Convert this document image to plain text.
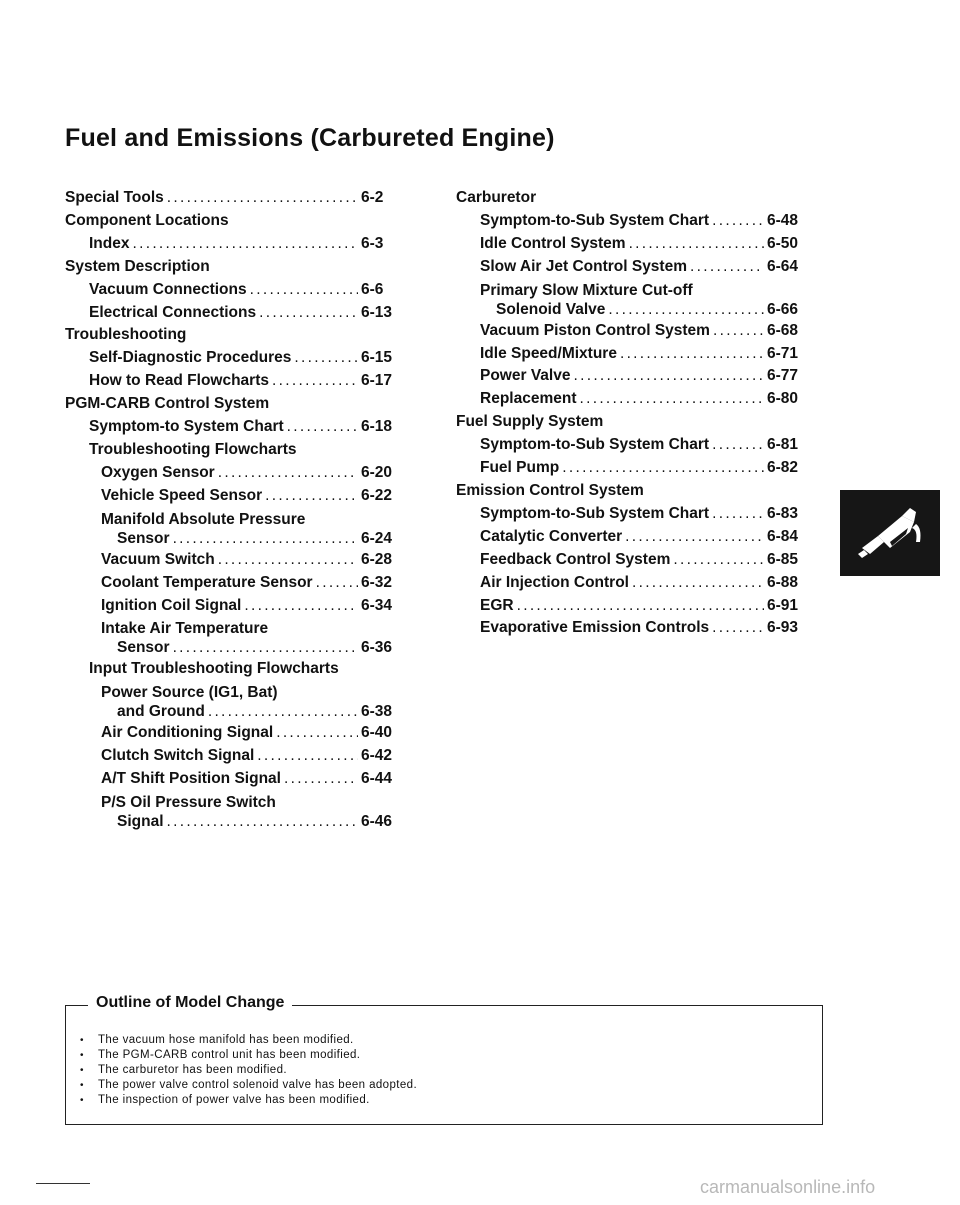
Fuel and Emissions (Carbureted Engine)
Special Tools . . .	6-2
Component Locations
Index . . .	6-3
System Description
Vacuum Connections . . .	6-6
Electrical Connections . . .	6-13
Troubleshooting
Self-Diagnostic Procedures . . .	6-15
How to Read Flowcharts . . .	6-17
PGM-CARB Control System
Symptom-to System Chart . . .	6-18
Troubleshooting Flowcharts
Oxygen Sensor . . .	6-20
Vehicle Speed Sensor . . .	6-22
Manifold Absolute Pressure
Sensor . . .	6-24
Vacuum Switch . . .	6-28
Coolant Temperature Sensor . . .	6-32
Ignition Coil Signal . . .	6-34
Intake Air Temperature
Sensor . . .	6-36
Input Troubleshooting Flowcharts
Power Source (IG1, Bat)
and Ground . . .	6-38
Air Conditioning Signal . . .	6-40
Clutch Switch Signal . . .	6-42
A/T Shift Position Signal . . .	6-44
P/S Oil Pressure Switch
Signal . . .	6-46
Carburetor
Symptom-to-Sub System Chart . . .	6-48
Idle Control System . . .	6-50
Slow Air Jet Control System . . .	6-64
Primary Slow Mixture Cut-off
Solenoid Valve . . .	6-66
Vacuum Piston Control System . . .	6-68
Idle Speed/Mixture . . .	6-71
Power Valve . . .	6-77
Replacement . . .	6-80
Fuel Supply System
Symptom-to-Sub System Chart . . .	6-81
Fuel Pump . . .	6-82
Emission Control System
Symptom-to-Sub System Chart . . .	6-83
Catalytic Converter . . .	6-84
Feedback Control System . . .	6-85
Air Injection Control . . .	6-88
EGR . . .	6-91
Evaporative Emission Controls . . .	6-93
Outline of Model Change
• The vacuum hose manifold has been modified.
• The PGM-CARB control unit has been modified.
• The carburetor has been modified.
• The power valve control solenoid valve has been adopted.
• The inspection of power valve has been modified.
carmanualsonline.info
